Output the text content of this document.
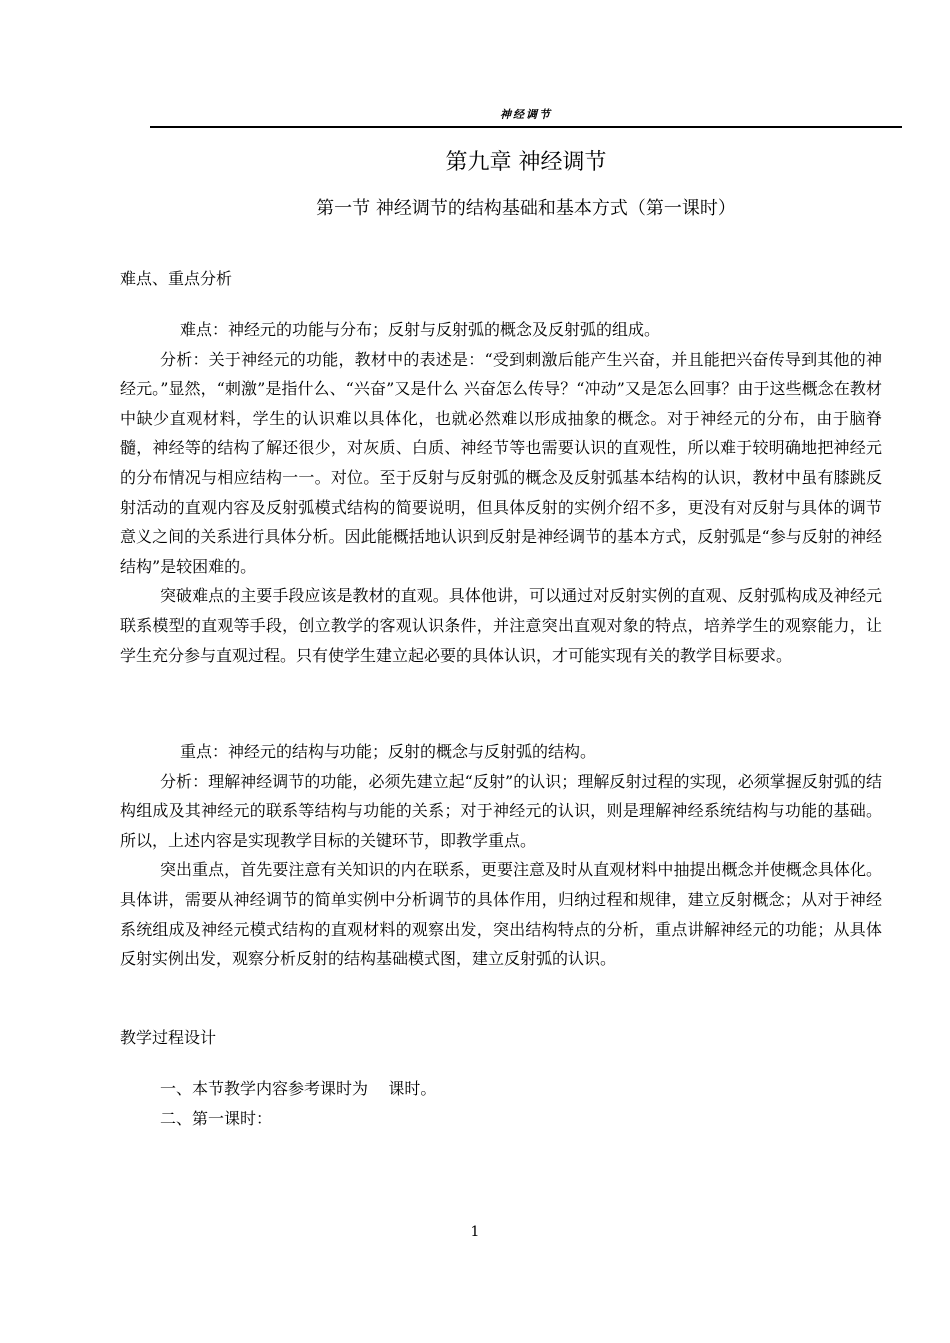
神经调节
第九章 神经调节
第一节 神经调节的结构基础和基本方式（第一课时）
难点、重点分析

难点：神经元的功能与分布；反射与反射弧的概念及反射弧的组成。

分析：关于神经元的功能，教材中的表述是：“受到刺激后能产生兴奋，并且能把兴奋传导到其他的神经元。”显然，“刺激”是指什么、“兴奋”又是什么 兴奋怎么传导？“冲动”又是怎么回事？由于这些概念在教材中缺少直观材料，学生的认识难以具体化，也就必然难以形成抽象的概念。对于神经元的分布，由于脑脊髓，神经等的结构了解还很少，对灰质、白质、神经节等也需要认识的直观性，所以难于较明确地把神经元的分布情况与相应结构一一。对位。至于反射与反射弧的概念及反射弧基本结构的认识，教材中虽有膝跳反射活动的直观内容及反射弧模式结构的简要说明，但具体反射的实例介绍不多，更没有对反射与具体的调节意义之间的关系进行具体分析。因此能概括地认识到反射是神经调节的基本方式，反射弧是“参与反射的神经结构”是较困难的。

突破难点的主要手段应该是教材的直观。具体他讲，可以通过对反射实例的直观、反射弧构成及神经元联系模型的直观等手段，创立教学的客观认识条件，并注意突出直观对象的特点，培养学生的观察能力，让学生充分参与直观过程。只有使学生建立起必要的具体认识，才可能实现有关的教学目标要求。

重点：神经元的结构与功能；反射的概念与反射弧的结构。

分析：理解神经调节的功能，必须先建立起“反射”的认识；理解反射过程的实现，必须掌握反射弧的结构组成及其神经元的联系等结构与功能的关系；对于神经元的认识，则是理解神经系统结构与功能的基础。所以，上述内容是实现教学目标的关键环节，即教学重点。

突出重点，首先要注意有关知识的内在联系，更要注意及时从直观材料中抽提出概念并使概念具体化。具体讲，需要从神经调节的简单实例中分析调节的具体作用，归纳过程和规律，建立反射概念；从对于神经系统组成及神经元模式结构的直观材料的观察出发，突出结构特点的分析，重点讲解神经元的功能；从具体反射实例出发，观察分析反射的结构基础模式图，建立反射弧的认识。

教学过程设计

一、本节教学内容参考课时为    课时。

二、第一课时：

1
